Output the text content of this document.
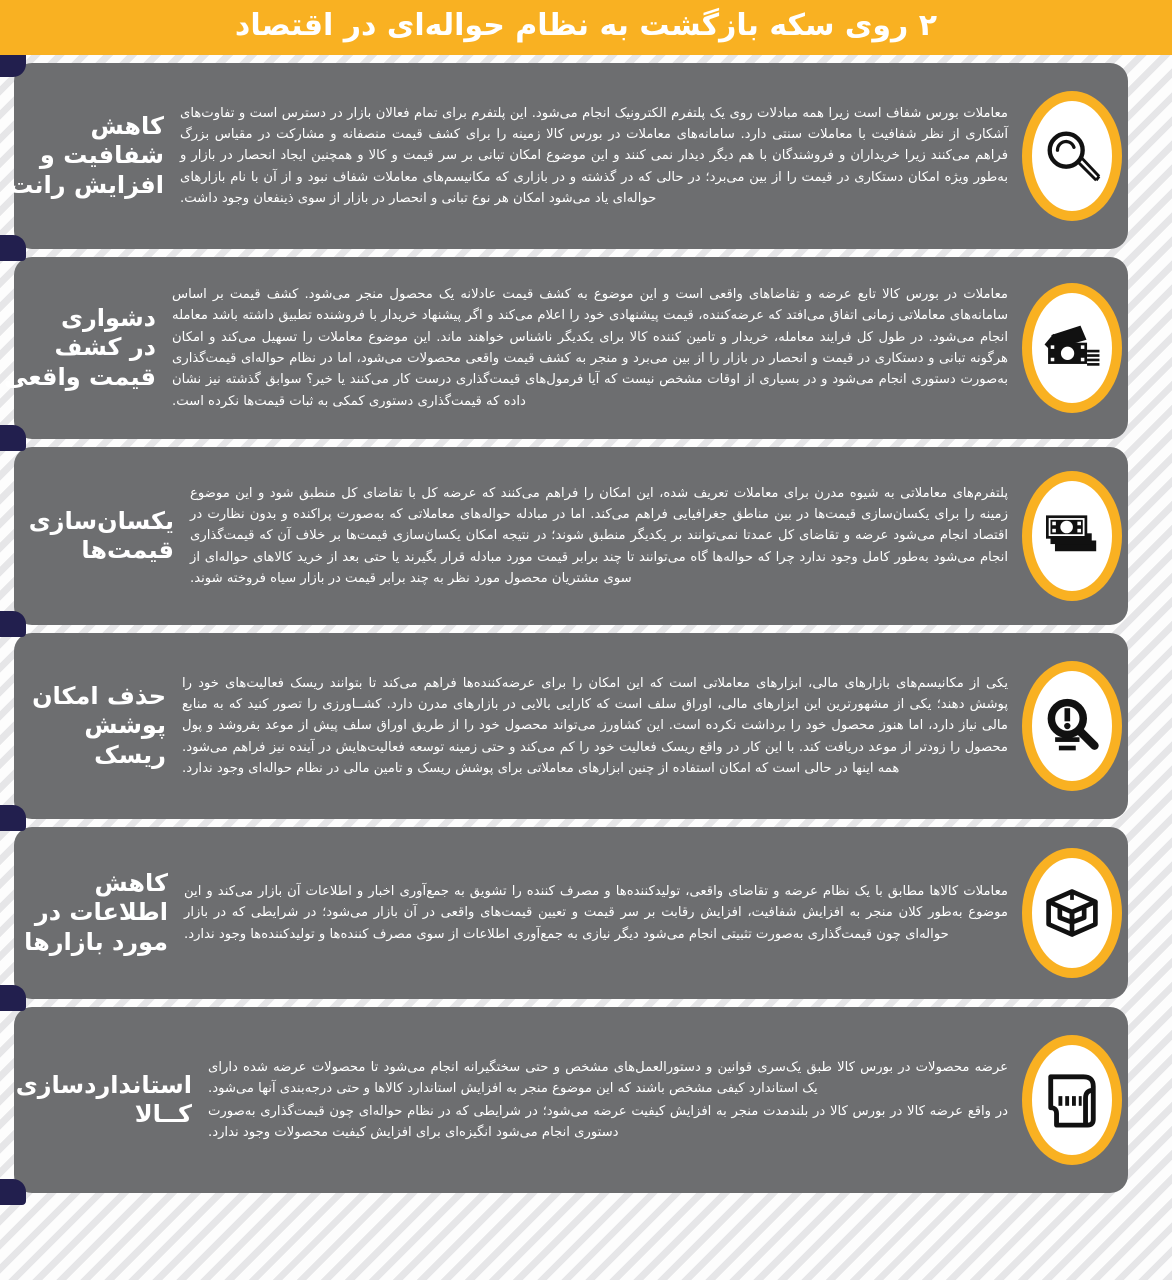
۲ روی سکه بازگشت به نظام حواله‌ای در اقتصاد
کاهش
شفافیت و
افزایش رانت

معاملات بورس شفاف است زیرا همه مبادلات روی یک پلتفرم الکترونیک انجام می‌شود. این پلتفرم برای تمام فعالان بازار در دسترس است و تفاوت‌های آشکاری از نظر شفافیت با معاملات سنتی دارد. سامانه‌های معاملات در بورس کالا زمینه را برای کشف قیمت منصفانه و مشارکت در مقیاس بزرگ فراهم می‌کنند زیرا خریداران و فروشندگان با هم دیگر دیدار نمی کنند و این موضوع امکان تبانی بر سر قیمت و کالا و همچنین ایجاد انحصار در بازار و به‌طور ویژه امکان دستکاری در قیمت را از بین می‌برد؛ در حالی که در گذشته و در بازاری که مکانیسم‌های معاملات شفاف نبود و از آن با نام بازارهای حواله‌ای یاد می‌شود امکان هر نوع تبانی و انحصار در بازار از سوی ذینفعان وجود داشت.

دشواری
در کشف
قیمت واقعی

معاملات در بورس کالا تابع عرضه و تقاضاهای واقعی است و این موضوع به کشف قیمت عادلانه یک محصول منجر می‌شود. کشف قیمت بر اساس سامانه‌های معاملاتی زمانی اتفاق می‌افتد که عرضه‌کننده، قیمت پیشنهادی خود را اعلام می‌کند و اگر پیشنهاد خریدار با فروشنده تطبیق داشته باشد معامله انجام می‌شود. در طول کل فرایند معامله، خریدار و تامین کننده کالا برای یکدیگر ناشناس خواهند ماند. این موضوع معاملات را تسهیل می‌کند و امکان هرگونه تبانی و دستکاری در قیمت و انحصار در بازار را از بین می‌برد و منجر به کشف قیمت واقعی محصولات می‌شود، اما در نظام حواله‌ای قیمت‌گذاری به‌صورت دستوری انجام می‌شود و در بسیاری از اوقات مشخص نیست که آیا فرمول‌های قیمت‌گذاری درست کار می‌کنند یا خیر؟ سوابق گذشته نیز نشان داده که قیمت‌گذاری دستوری کمکی به ثبات قیمت‌ها نکرده است.

یکسان‌سازی
قیمت‌ها

پلتفرم‌های معاملاتی به شیوه مدرن برای معاملات تعریف شده، این امکان را فراهم می‌کنند که عرضه کل با تقاضای کل منطبق شود و این موضوع زمینه را برای یکسان‌سازی قیمت‌ها در بین مناطق جغرافیایی فراهم می‌کند. اما در مبادله حواله‌های معاملاتی که به‌صورت پراکنده و بدون نظارت در اقتصاد انجام می‌شود عرضه و تقاضای کل عمدتا نمی‌توانند بر یکدیگر منطبق شوند؛ در نتیجه امکان یکسان‌سازی قیمت‌ها بر خلاف آن که قیمت‌گذاری انجام می‌شود به‌طور کامل وجود ندارد چرا که حواله‌ها گاه می‌توانند تا چند برابر قیمت مورد مبادله قرار بگیرند یا حتی بعد از خرید کالاهای حواله‌ای از سوی مشتریان محصول مورد نظر به چند برابر قیمت در بازار سیاه فروخته شوند.

حذف امکان
پوشش
ریسک

یکی از مکانیسم‌های بازارهای مالی، ابزارهای معاملاتی است که این امکان را برای عرضه‌کننده‌ها فراهم می‌کند تا بتوانند ریسک فعالیت‌های خود را پوشش دهند؛ یکی از مشهورترین این ابزارهای مالی، اوراق سلف است که کارایی بالایی در بازارهای مدرن دارد. کشــاورزی را تصور کنید که به منابع مالی نیاز دارد، اما هنوز محصول خود را برداشت نکرده است. این کشاورز می‌تواند محصول خود را از طریق اوراق سلف پیش از موعد بفروشد و پول محصول را زودتر از موعد دریافت کند. با این کار در واقع ریسک فعالیت خود را کم می‌کند و حتی زمینه توسعه فعالیت‌هایش در آینده نیز فراهم می‌شود. همه اینها در حالی است که امکان استفاده از چنین ابزارهای معاملاتی برای پوشش ریسک و تامین مالی در نظام حواله‌ای وجود ندارد.

کاهش
اطلاعات در
مورد بازارها

معاملات کالاها مطابق با یک نظام عرضه و تقاضای واقعی، تولیدکننده‌ها و مصرف کننده را تشویق به جمع‌آوری اخبار و اطلاعات آن بازار می‌کند و این موضوع به‌طور کلان منجر به افزایش شفافیت، افزایش رقابت بر سر قیمت و تعیین قیمت‌های واقعی در آن بازار می‌شود؛ در شرایطی که در بازار حواله‌ای چون قیمت‌گذاری به‌صورت تثبیتی انجام می‌شود دیگر نیازی به جمع‌آوری اطلاعات از سوی مصرف کننده‌ها و تولیدکننده‌ها وجود ندارد.

استانداردسازی
کــالا

عرضه محصولات در بورس کالا طبق یک‌سری قوانین و دستورالعمل‌های مشخص و حتی سختگیرانه انجام می‌شود تا محصولات عرضه شده دارای یک استاندارد کیفی مشخص باشند که این موضوع منجر به افزایش استاندارد کالاها و حتی درجه‌بندی آنها می‌شود.

در واقع عرضه کالا در بورس کالا در بلندمدت منجر به افزایش کیفیت عرضه می‌شود؛ در شرایطی که در نظام حواله‌ای چون قیمت‌گذاری به‌صورت دستوری انجام می‌شود انگیزه‌ای برای افزایش کیفیت محصولات وجود ندارد.
